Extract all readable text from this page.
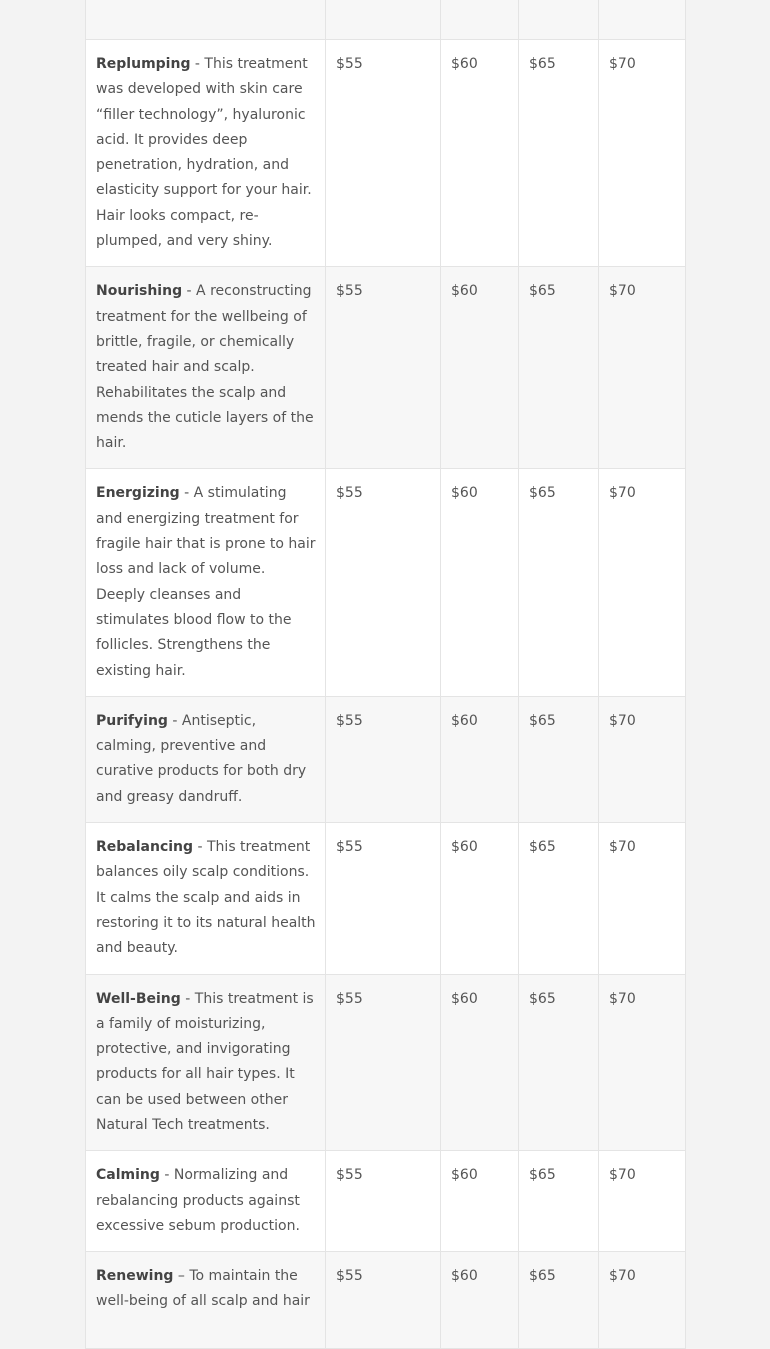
Replumping - This treatment was developed with skin care “filler technology”, hyaluronic acid. It provides deep penetration, hydration, and elasticity support for your hair. Hair looks compact, re-plumped, and very shiny.	$55	$60	$65	$70
Nourishing - A reconstructing treatment for the wellbeing of brittle, fragile, or chemically treated hair and scalp. Rehabilitates the scalp and mends the cuticle layers of the hair.	$55	$60	$65	$70
Energizing - A stimulating and energizing treatment for fragile hair that is prone to hair loss and lack of volume. Deeply cleanses and stimulates blood flow to the follicles. Strengthens the existing hair.	$55	$60	$65	$70
Purifying - Antiseptic, calming, preventive and curative products for both dry and greasy dandruff.	$55	$60	$65	$70
Rebalancing - This treatment balances oily scalp conditions. It calms the scalp and aids in restoring it to its natural health and beauty.	$55	$60	$65	$70
Well-Being - This treatment is a family of moisturizing, protective, and invigorating products for all hair types. It can be used between other Natural Tech treatments.	$55	$60	$65	$70
Calming - Normalizing and rebalancing products against excessive sebum production.	$55	$60	$65	$70
Renewing – To maintain the well-being of all scalp and hair	$55	$60	$65	$70
